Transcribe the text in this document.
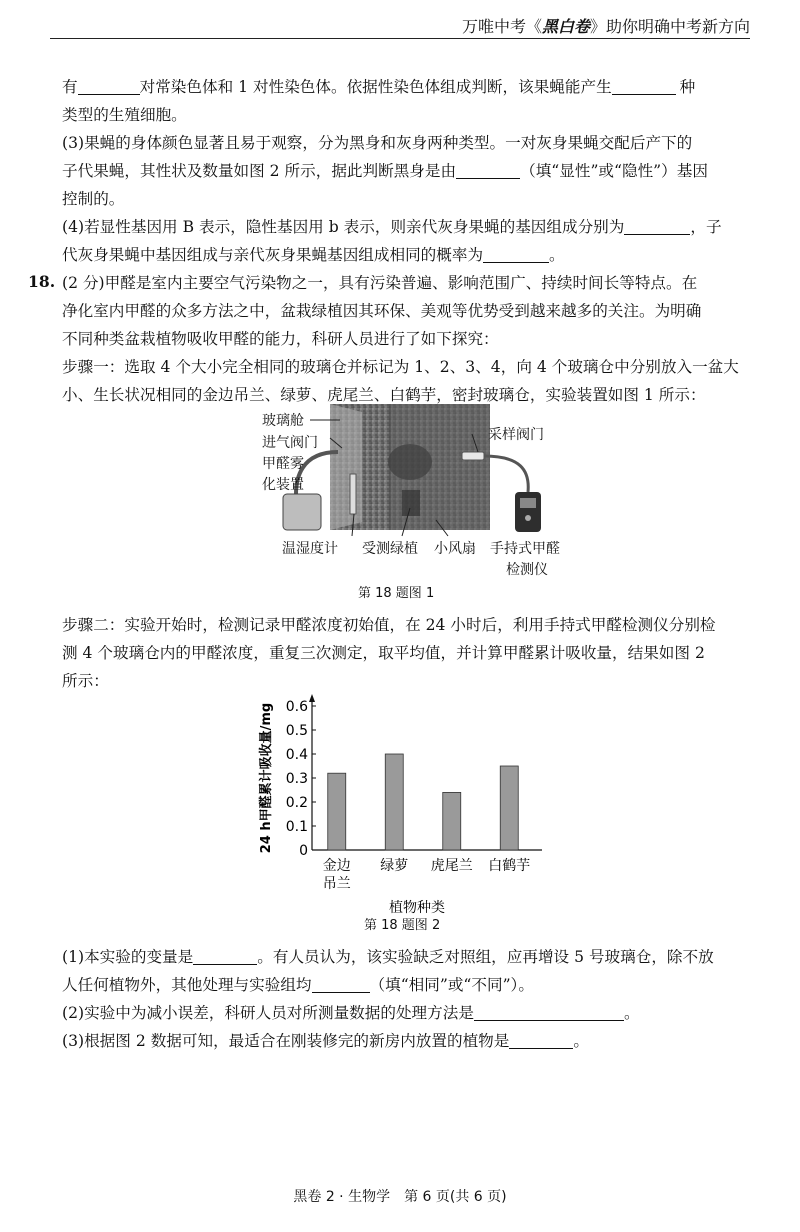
万唯中考《黑白卷》助你明确中考新方向
有	对常染色体和 1 对性染色体。依据性染色体组成判断，该果蝇能产生	种
类型的生殖细胞。
(3)果蝇的身体颜色显著且易于观察，分为黑身和灰身两种类型。一对灰身果蝇交配后产下的
子代果蝇，其性状及数量如图 2 所示，据此判断黑身是由	（填“显性”或“隐性”）基因
控制的。
(4)若显性基因用 B 表示，隐性基因用 b 表示，则亲代灰身果蝇的基因组成分别为	，子
代灰身果蝇中基因组成与亲代灰身果蝇基因组成相同的概率为	。
18. (2 分)甲醛是室内主要空气污染物之一，具有污染普遍、影响范围广、持续时间长等特点。在
净化室内甲醛的众多方法之中，盆栽绿植因其环保、美观等优势受到越来越多的关注。为明确
不同种类盆栽植物吸收甲醛的能力，科研人员进行了如下探究：
步骤一：选取 4 个大小完全相同的玻璃仓并标记为 1、2、3、4，向 4 个玻璃仓中分别放入一盆大
小、生长状况相同的金边吊兰、绿萝、虎尾兰、白鹤芋，密封玻璃仓，实验装置如图 1 所示：
玻璃舱
进气阀门
甲醛雾
化装置
采样阀门
温湿度计 受测绿植 小风扇 手持式甲醛
检测仪
第 18 题图 1
步骤二：实验开始时，检测记录甲醛浓度初始值，在 24 小时后，利用手持式甲醛检测仪分别检
测 4 个玻璃仓内的甲醛浓度，重复三次测定，取平均值，并计算甲醛累计吸收量，结果如图 2
所示：
0
0.1
0.2
0.3
0.4
0.5
0.6
24 h甲醛累计吸收量/mg
金边
吊兰
绿萝 虎尾兰 白鹤芋
植物种类
第 18 题图 2
(1)本实验的变量是	。有人员认为，该实验缺乏对照组，应再增设 5 号玻璃仓，除不放
人任何植物外，其他处理与实验组均	（填“相同”或“不同”）。
(2)实验中为减小误差，科研人员对所测量数据的处理方法是	。
(3)根据图 2 数据可知，最适合在刚装修完的新房内放置的植物是	。
黑卷 2 · 生物学　第 6 页(共 6 页)
